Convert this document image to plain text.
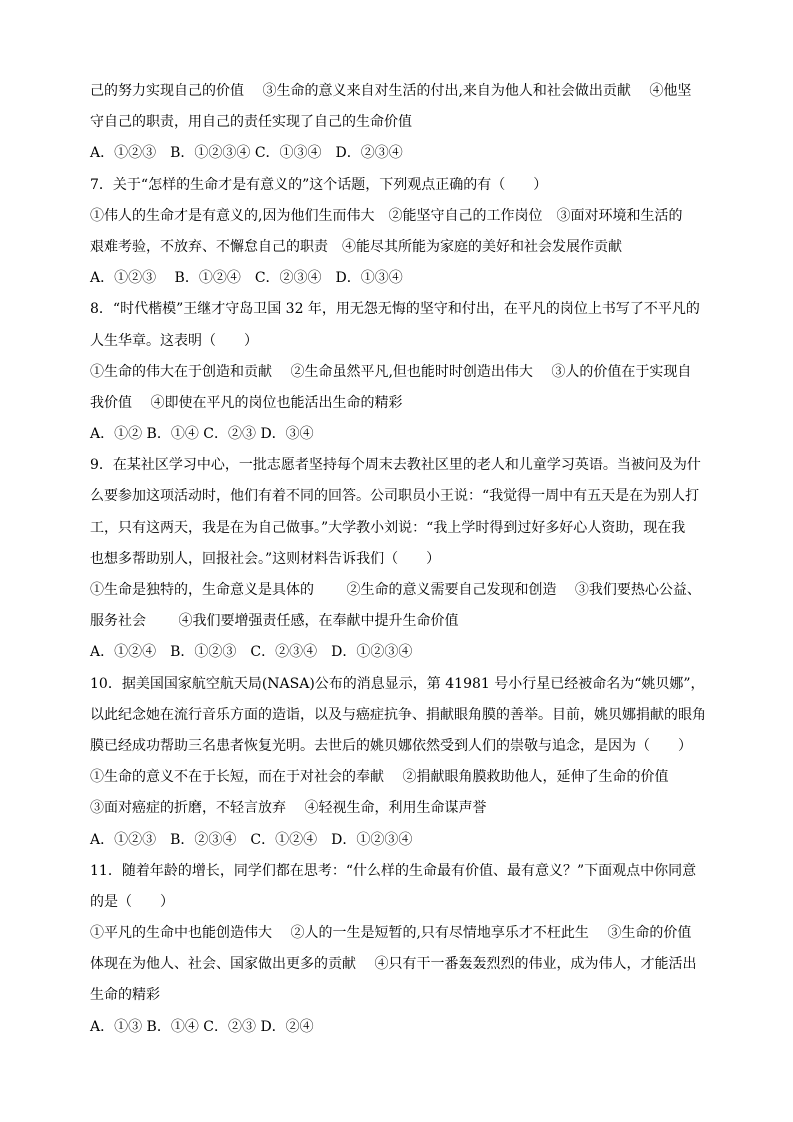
己的努力实现自己的价值　 ③生命的意义来自对生活的付出,来自为他人和社会做出贡献　 ④他坚
守自己的职责，用自己的责任实现了自己的生命价值
A．①②③　B．①②③④ C．①③④　D．②③④
7．关于“怎样的生命才是有意义的”这个话题，下列观点正确的有（　　）
①伟人的生命才是有意义的,因为他们生而伟大　②能坚守自己的工作岗位　③面对环境和生活的
艰难考验，不放弃、不懈怠自己的职责　④能尽其所能为家庭的美好和社会发展作贡献
A．①②③　 B．①②④　C．②③④　D．①③④
8．“时代楷模”王继才守岛卫国 32 年，用无怨无悔的坚守和付出，在平凡的岗位上书写了不平凡的
人生华章。这表明（　　）
①生命的伟大在于创造和贡献　 ②生命虽然平凡,但也能时时创造出伟大　 ③人的价值在于实现自
我价值　 ④即使在平凡的岗位也能活出生命的精彩
A．①② B．①④ C．②③ D．③④
9．在某社区学习中心，一批志愿者坚持每个周末去教社区里的老人和儿童学习英语。当被问及为什
么要参加这项活动时，他们有着不同的回答。公司职员小王说：“我觉得一周中有五天是在为别人打
工，只有这两天，我是在为自己做事。”大学教小刘说：“我上学时得到过好多好心人资助，现在我
也想多帮助别人，回报社会。”这则材料告诉我们（　　）
①生命是独特的，生命意义是具体的　　 ②生命的意义需要自己发现和创造　 ③我们要热心公益、
服务社会　　 ④我们要增强责任感，在奉献中提升生命价值
A．①②④　B．①②③　C．②③④　D．①②③④
10．据美国国家航空航天局(NASA)公布的消息显示，第 41981 号小行星已经被命名为“姚贝娜”，
以此纪念她在流行音乐方面的造诣，以及与癌症抗争、捐献眼角膜的善举。目前，姚贝娜捐献的眼角
膜已经成功帮助三名患者恢复光明。去世后的姚贝娜依然受到人们的崇敬与追念，是因为（　　）
①生命的意义不在于长短，而在于对社会的奉献　 ②捐献眼角膜救助他人，延伸了生命的价值
③面对癌症的折磨，不轻言放弃　 ④轻视生命，利用生命谋声誉
A．①②③　B．②③④　C．①②④　D．①②③④
11．随着年龄的增长，同学们都在思考：“什么样的生命最有价值、最有意义？”下面观点中你同意
的是（　　）
①平凡的生命中也能创造伟大　 ②人的一生是短暂的,只有尽情地享乐才不枉此生　 ③生命的价值
体现在为他人、社会、国家做出更多的贡献　 ④只有干一番轰轰烈烈的伟业，成为伟人，才能活出
生命的精彩
A．①③ B．①④ C．②③ D．②④
